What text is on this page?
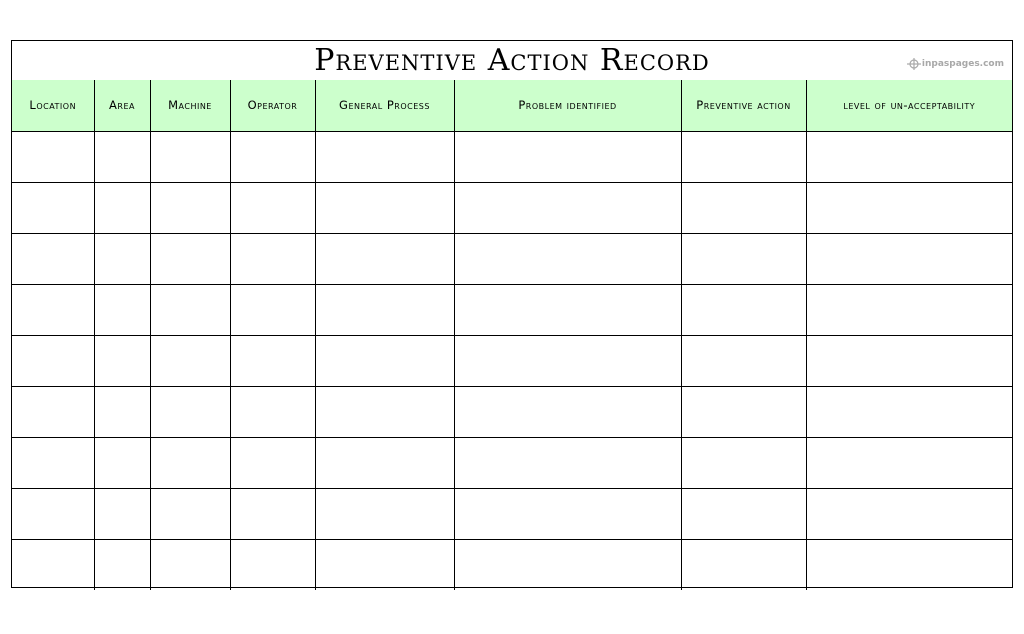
Preventive Action Record	inpaspages.com
Location	Area	Machine	Operator	General Process	Problem identified	Preventive action	level of un-acceptability
